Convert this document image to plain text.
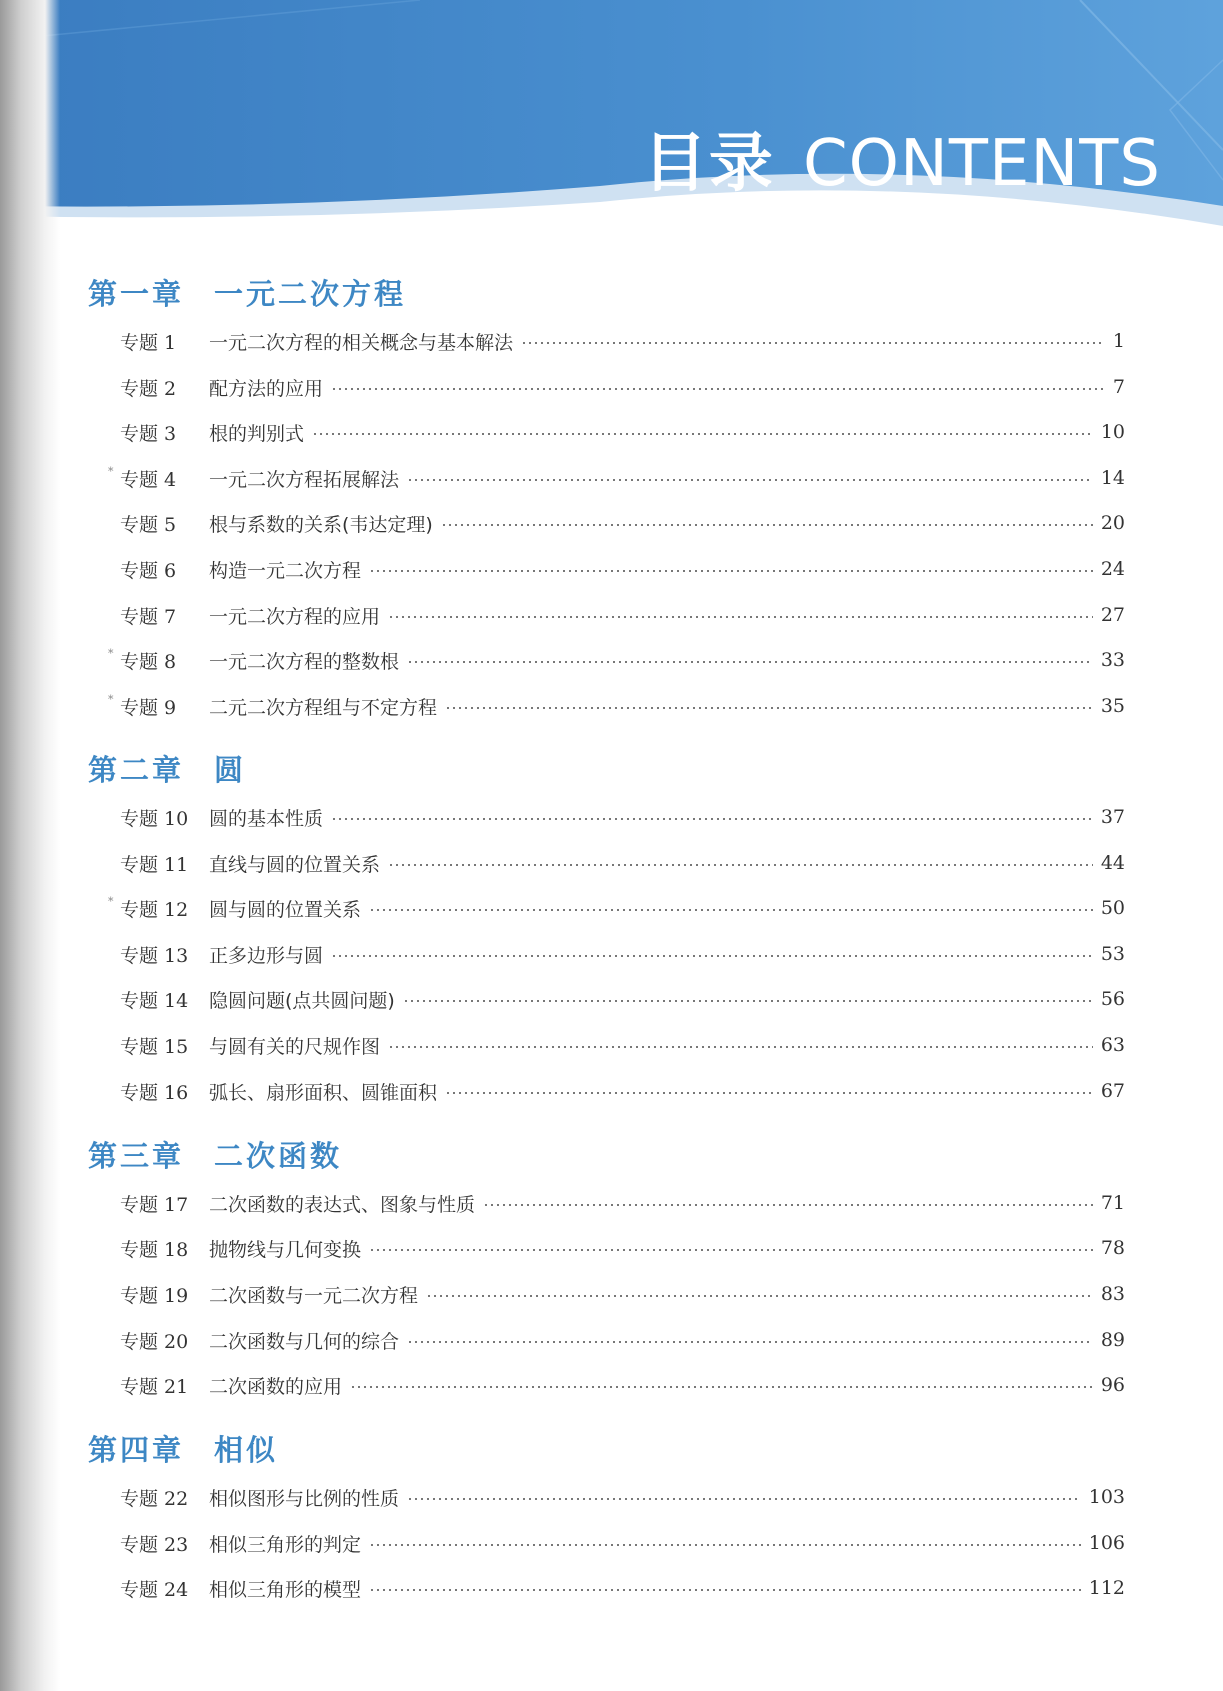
目录 CONTENTS
第一章 一元二次方程
专题 1	一元二次方程的相关概念与基本解法	1
专题 2	配方法的应用	7
专题 3	根的判别式	10
* 专题 4	一元二次方程拓展解法	14
专题 5	根与系数的关系(韦达定理)	20
专题 6	构造一元二次方程	24
专题 7	一元二次方程的应用	27
* 专题 8	一元二次方程的整数根	33
* 专题 9	二元二次方程组与不定方程	35
第二章 圆
专题 10	圆的基本性质	37
专题 11	直线与圆的位置关系	44
* 专题 12	圆与圆的位置关系	50
专题 13	正多边形与圆	53
专题 14	隐圆问题(点共圆问题)	56
专题 15	与圆有关的尺规作图	63
专题 16	弧长、扇形面积、圆锥面积	67
第三章 二次函数
专题 17	二次函数的表达式、图象与性质	71
专题 18	抛物线与几何变换	78
专题 19	二次函数与一元二次方程	83
专题 20	二次函数与几何的综合	89
专题 21	二次函数的应用	96
第四章 相似
专题 22	相似图形与比例的性质	103
专题 23	相似三角形的判定	106
专题 24	相似三角形的模型	112
